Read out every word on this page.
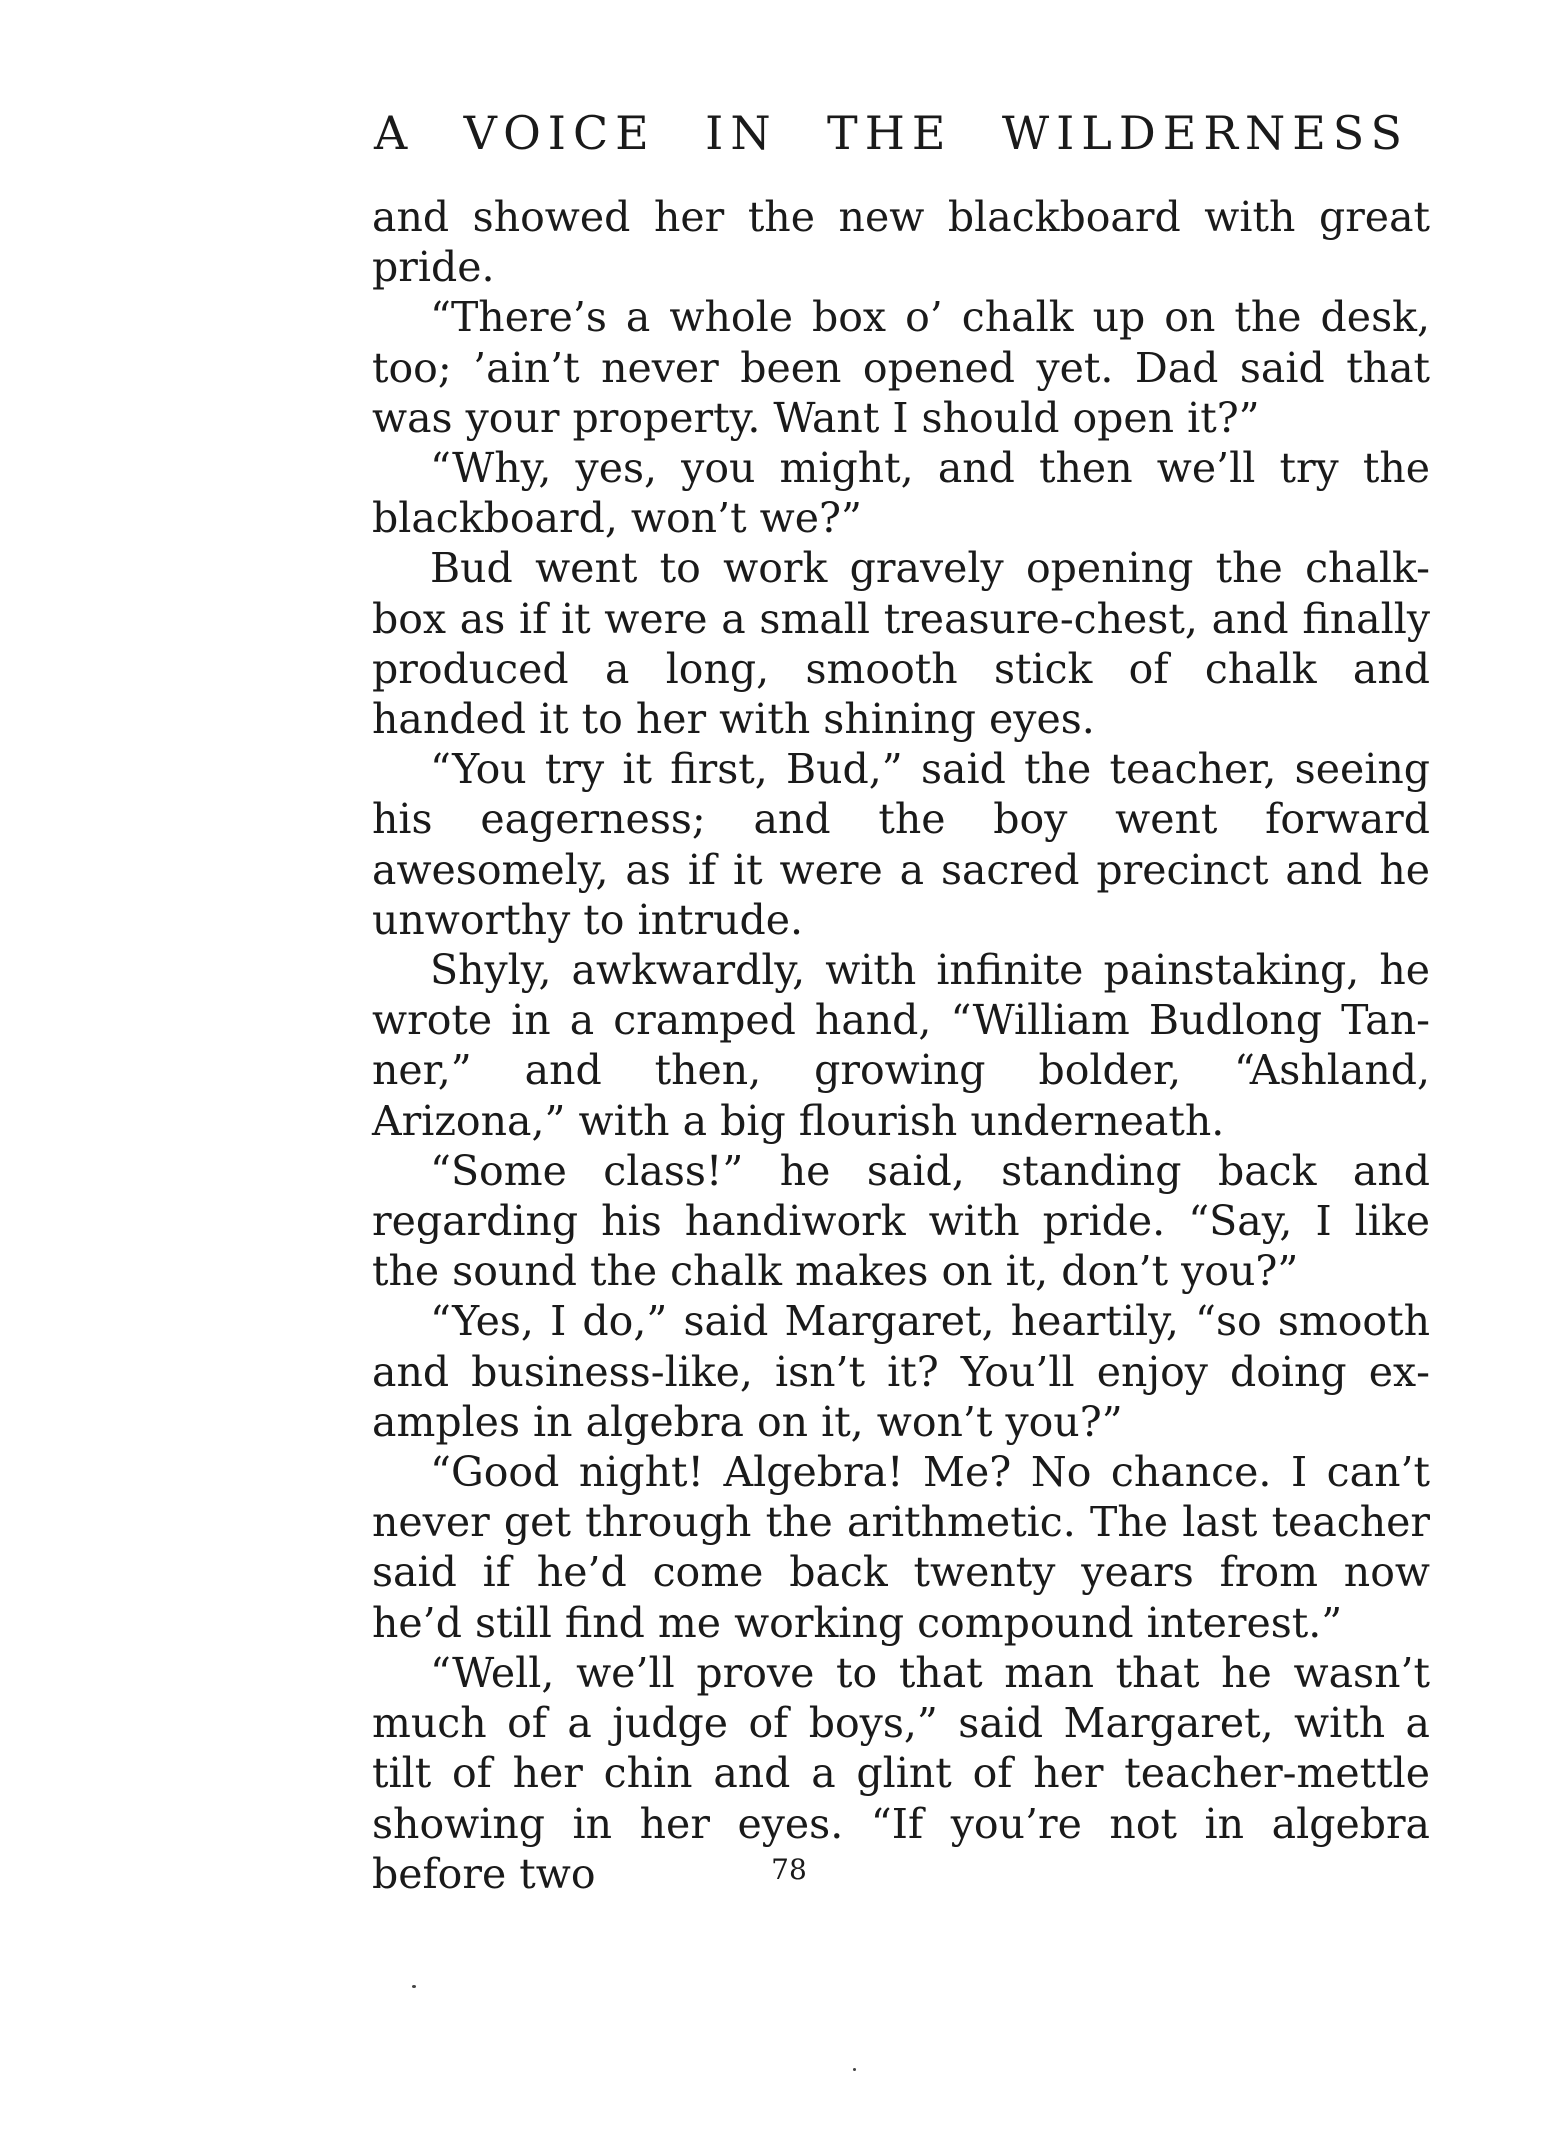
A VOICE IN THE WILDERNESS

and showed her the new blackboard with great pride.

“There’s a whole box o’ chalk up on the desk, too; ’ain’t never been opened yet. Dad said that was your property. Want I should open it?”

“Why, yes, you might, and then we’ll try the blackboard, won’t we?”

Bud went to work gravely opening the chalk-box as if it were a small treasure-chest, and finally produced a long, smooth stick of chalk and handed it to her with shining eyes.

“You try it first, Bud,” said the teacher, seeing his eagerness; and the boy went forward awesomely, as if it were a sacred precinct and he unworthy to intrude.

Shyly, awkwardly, with infinite painstaking, he wrote in a cramped hand, “William Budlong Tanner,” and then, growing bolder, “Ashland, Arizona,” with a big flourish underneath.

“Some class!” he said, standing back and regarding his handiwork with pride. “Say, I like the sound the chalk makes on it, don’t you?”

“Yes, I do,” said Margaret, heartily, “so smooth and business-like, isn’t it? You’ll enjoy doing examples in algebra on it, won’t you?”

“Good night! Algebra! Me? No chance. I can’t never get through the arithmetic. The last teacher said if he’d come back twenty years from now he’d still find me working compound interest.”

“Well, we’ll prove to that man that he wasn’t much of a judge of boys,” said Margaret, with a tilt of her chin and a glint of her teacher-mettle showing in her eyes. “If you’re not in algebra before two	78
